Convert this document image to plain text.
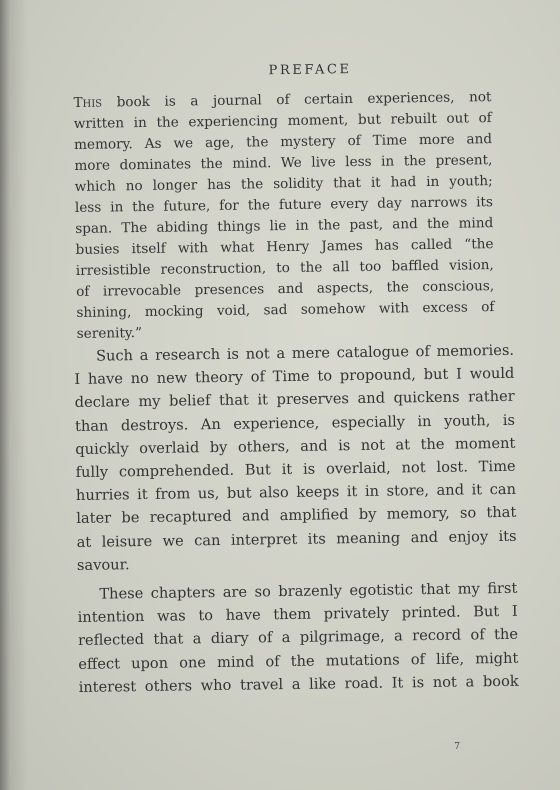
PREFACE
This book is a journal of certain experiences, not
written in the experiencing moment, but rebuilt out of
memory. As we age, the mystery of Time more and
more dominates the mind. We live less in the present,
which no longer has the solidity that it had in youth;
less in the future, for the future every day narrows its
span. The abiding things lie in the past, and the mind
busies itself with what Henry James has called “the
irresistible reconstruction, to the all too baffled vision,
of irrevocable presences and aspects, the conscious,
shining, mocking void, sad somehow with excess of
serenity.”
Such a research is not a mere catalogue of memories.
I have no new theory of Time to propound, but I would
declare my belief that it preserves and quickens rather
than destroys. An experience, especially in youth, is
quickly overlaid by others, and is not at the moment
fully comprehended. But it is overlaid, not lost. Time
hurries it from us, but also keeps it in store, and it can
later be recaptured and amplified by memory, so that
at leisure we can interpret its meaning and enjoy its
savour.
These chapters are so brazenly egotistic that my first
intention was to have them privately printed. But I
reflected that a diary of a pilgrimage, a record of the
effect upon one mind of the mutations of life, might
interest others who travel a like road. It is not a book
7
